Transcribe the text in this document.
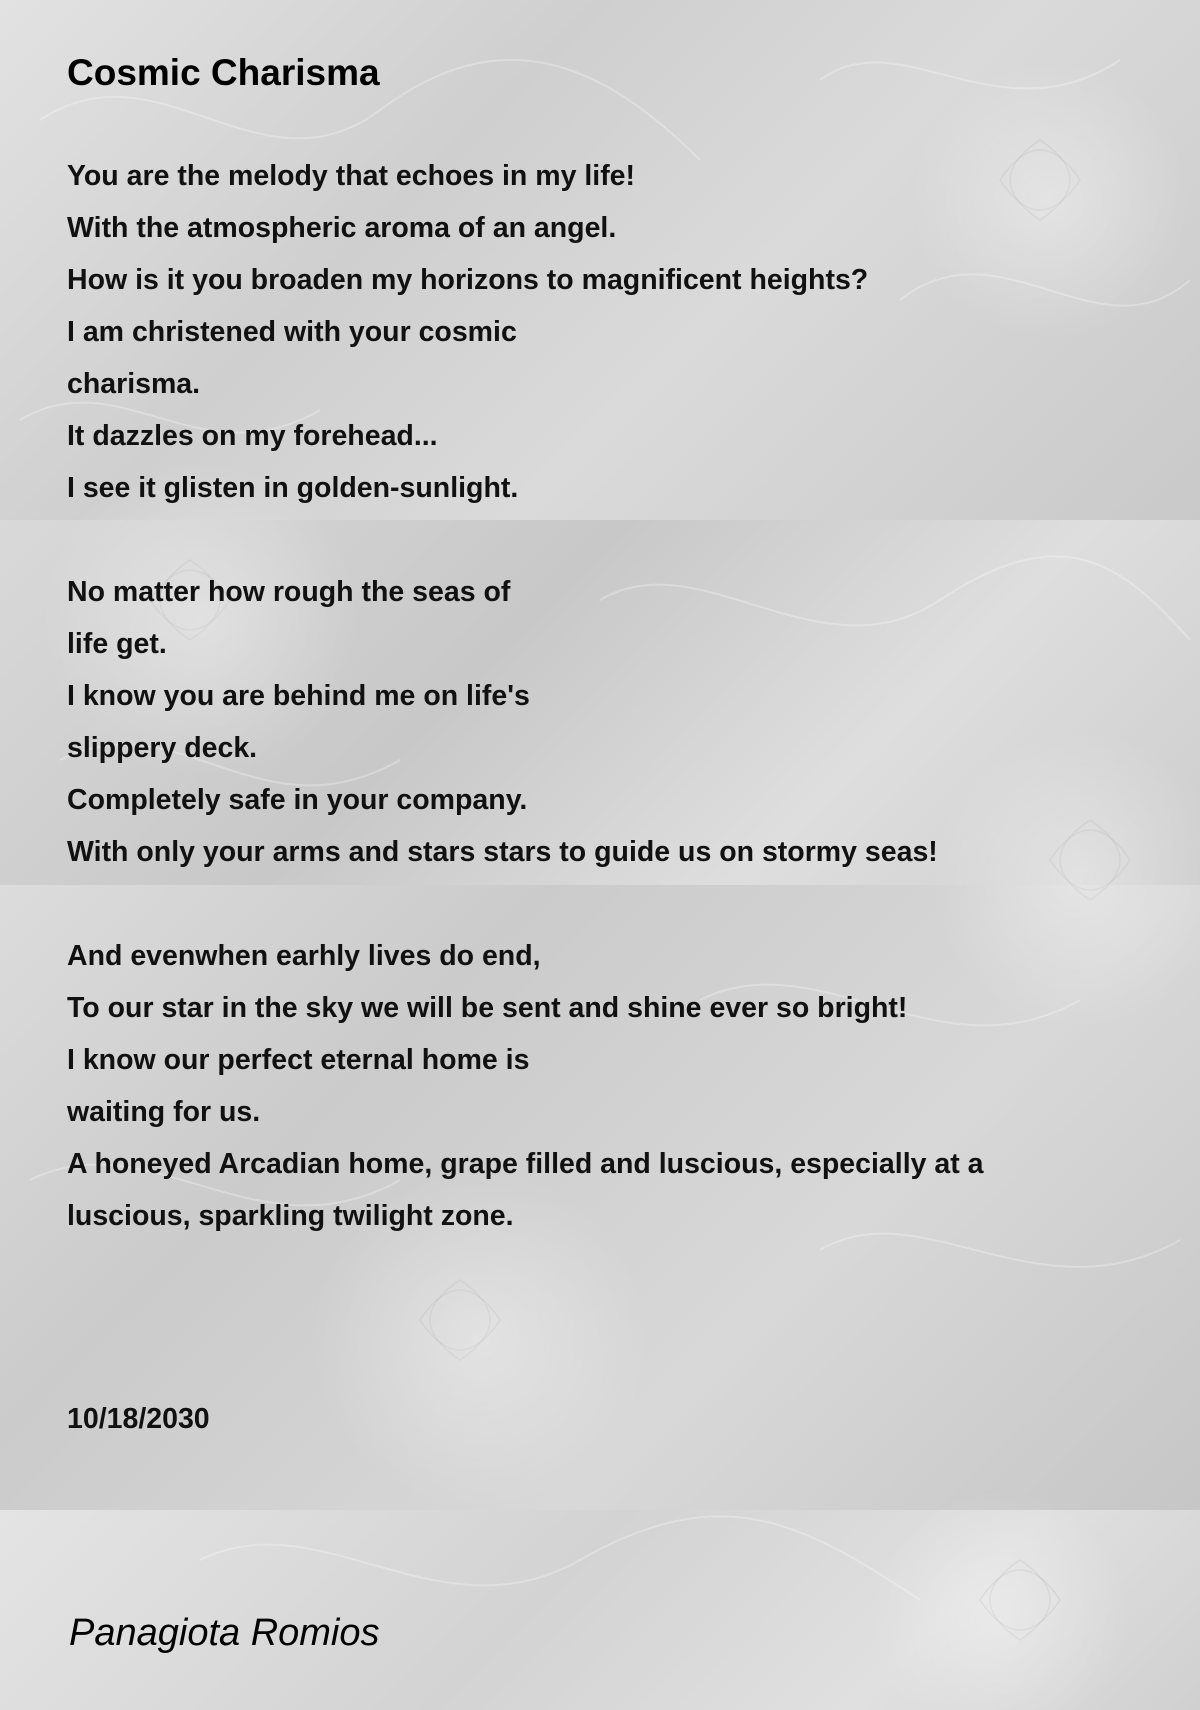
Cosmic Charisma
You are the melody that echoes in my life!
With the atmospheric aroma of an angel.
How is it you broaden my horizons to magnificent heights?
I am christened with your cosmic
charisma.
It dazzles on my forehead...
I see it glisten in golden-sunlight.
No matter how rough the seas of
life get.
I know you are behind me on life's
slippery deck.
Completely safe in your company.
With only your arms and stars stars to guide us on stormy seas!
And evenwhen earhly lives do end,
To our star in the sky we will be sent and shine ever so bright!
I know our perfect eternal home is
waiting for us.
A honeyed Arcadian home, grape filled and luscious, especially at a
luscious, sparkling twilight zone.
10/18/2030
Panagiota Romios
